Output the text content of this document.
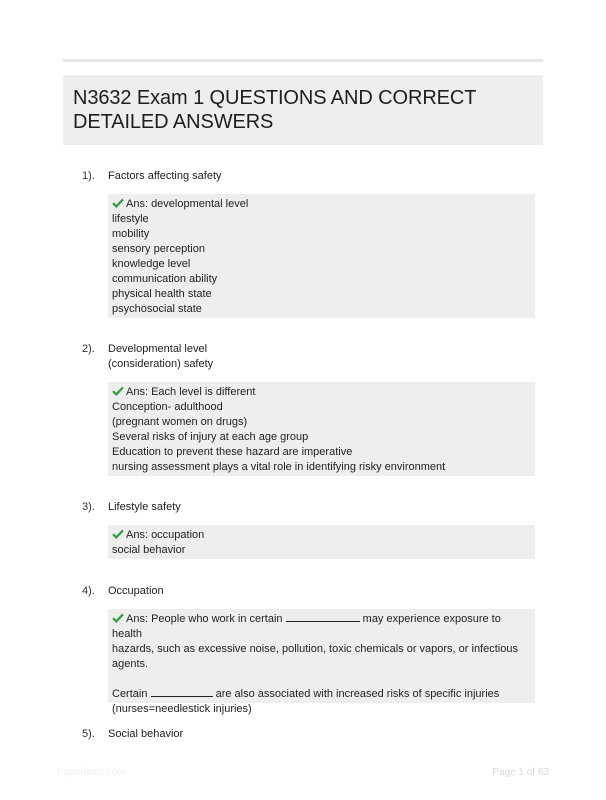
N3632 Exam 1 QUESTIONS AND CORRECT DETAILED ANSWERS
1). Factors affecting safety
Ans: developmental level
lifestyle
mobility
sensory perception
knowledge level
communication ability
physical health state
psychosocial state
2). Developmental level
(consideration) safety
Ans: Each level is different
Conception- adulthood
(pregnant women on drugs)
Several risks of injury at each age group
Education to prevent these hazard are imperative
nursing assessment plays a vital role in identifying risky environment
3). Lifestyle safety
Ans: occupation
social behavior
4). Occupation
Ans: People who work in certain	may experience exposure to health
hazards, such as excessive noise, pollution, toxic chemicals or vapors, or infectious
agents.
Certain	are also associated with increased risks of specific injuries
(nurses=needlestick injuries)
5). Social behavior
Paperlibtic.com	Page 1 of 63
